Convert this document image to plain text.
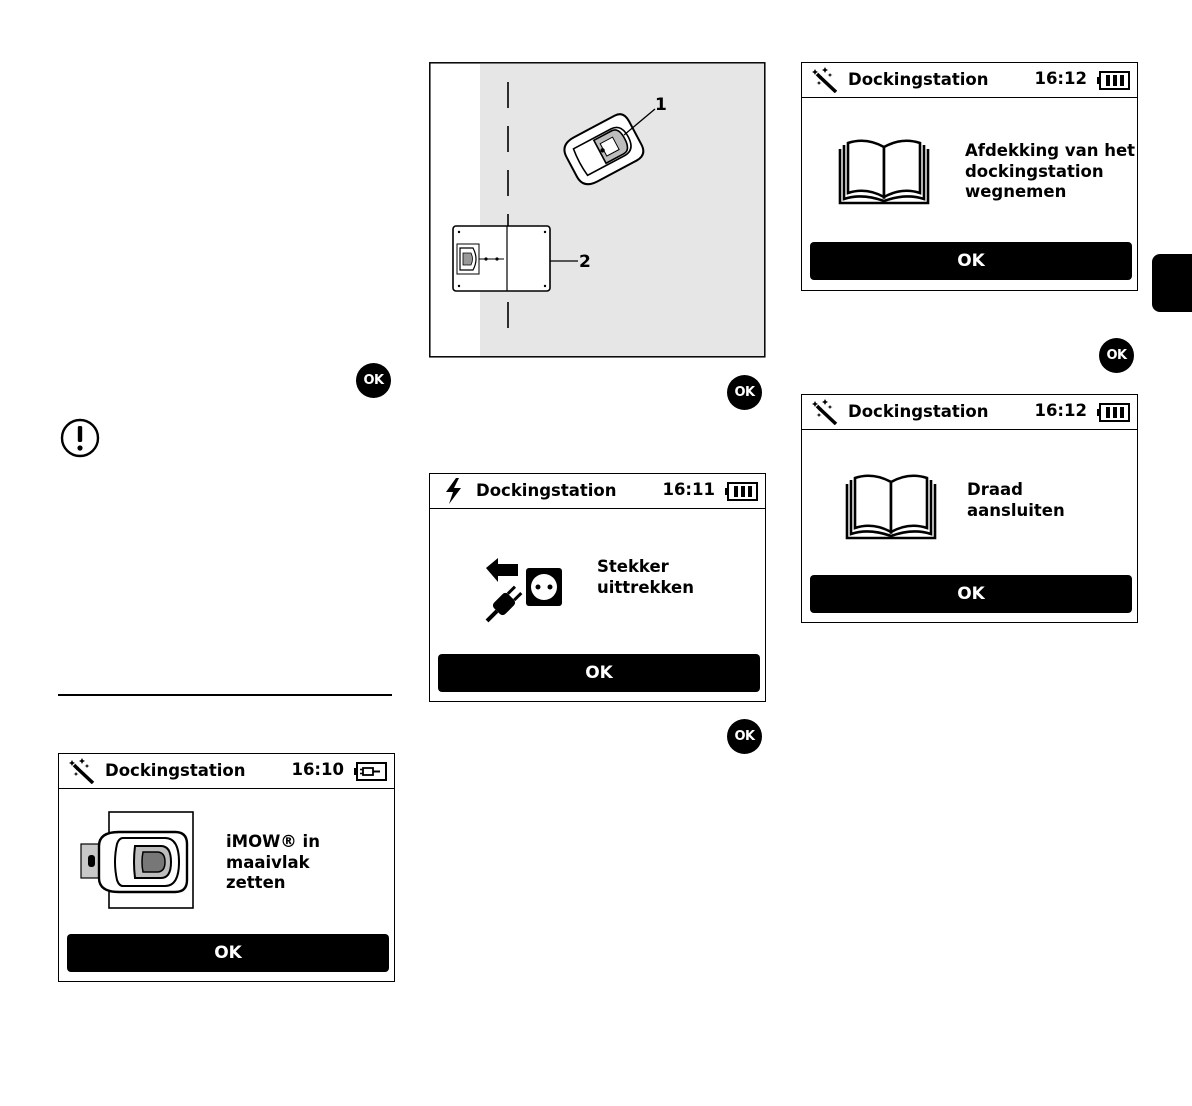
OK
Dockingstation	16:10
iMOW® in
maaivlak
zetten
OK
1
2
OK
Dockingstation	16:11
Stekker
uittrekken
OK
OK
Dockingstation	16:12
Afdekking van het
dockingstation
wegnemen
OK
OK
Dockingstation	16:12
Draad
aansluiten
OK
